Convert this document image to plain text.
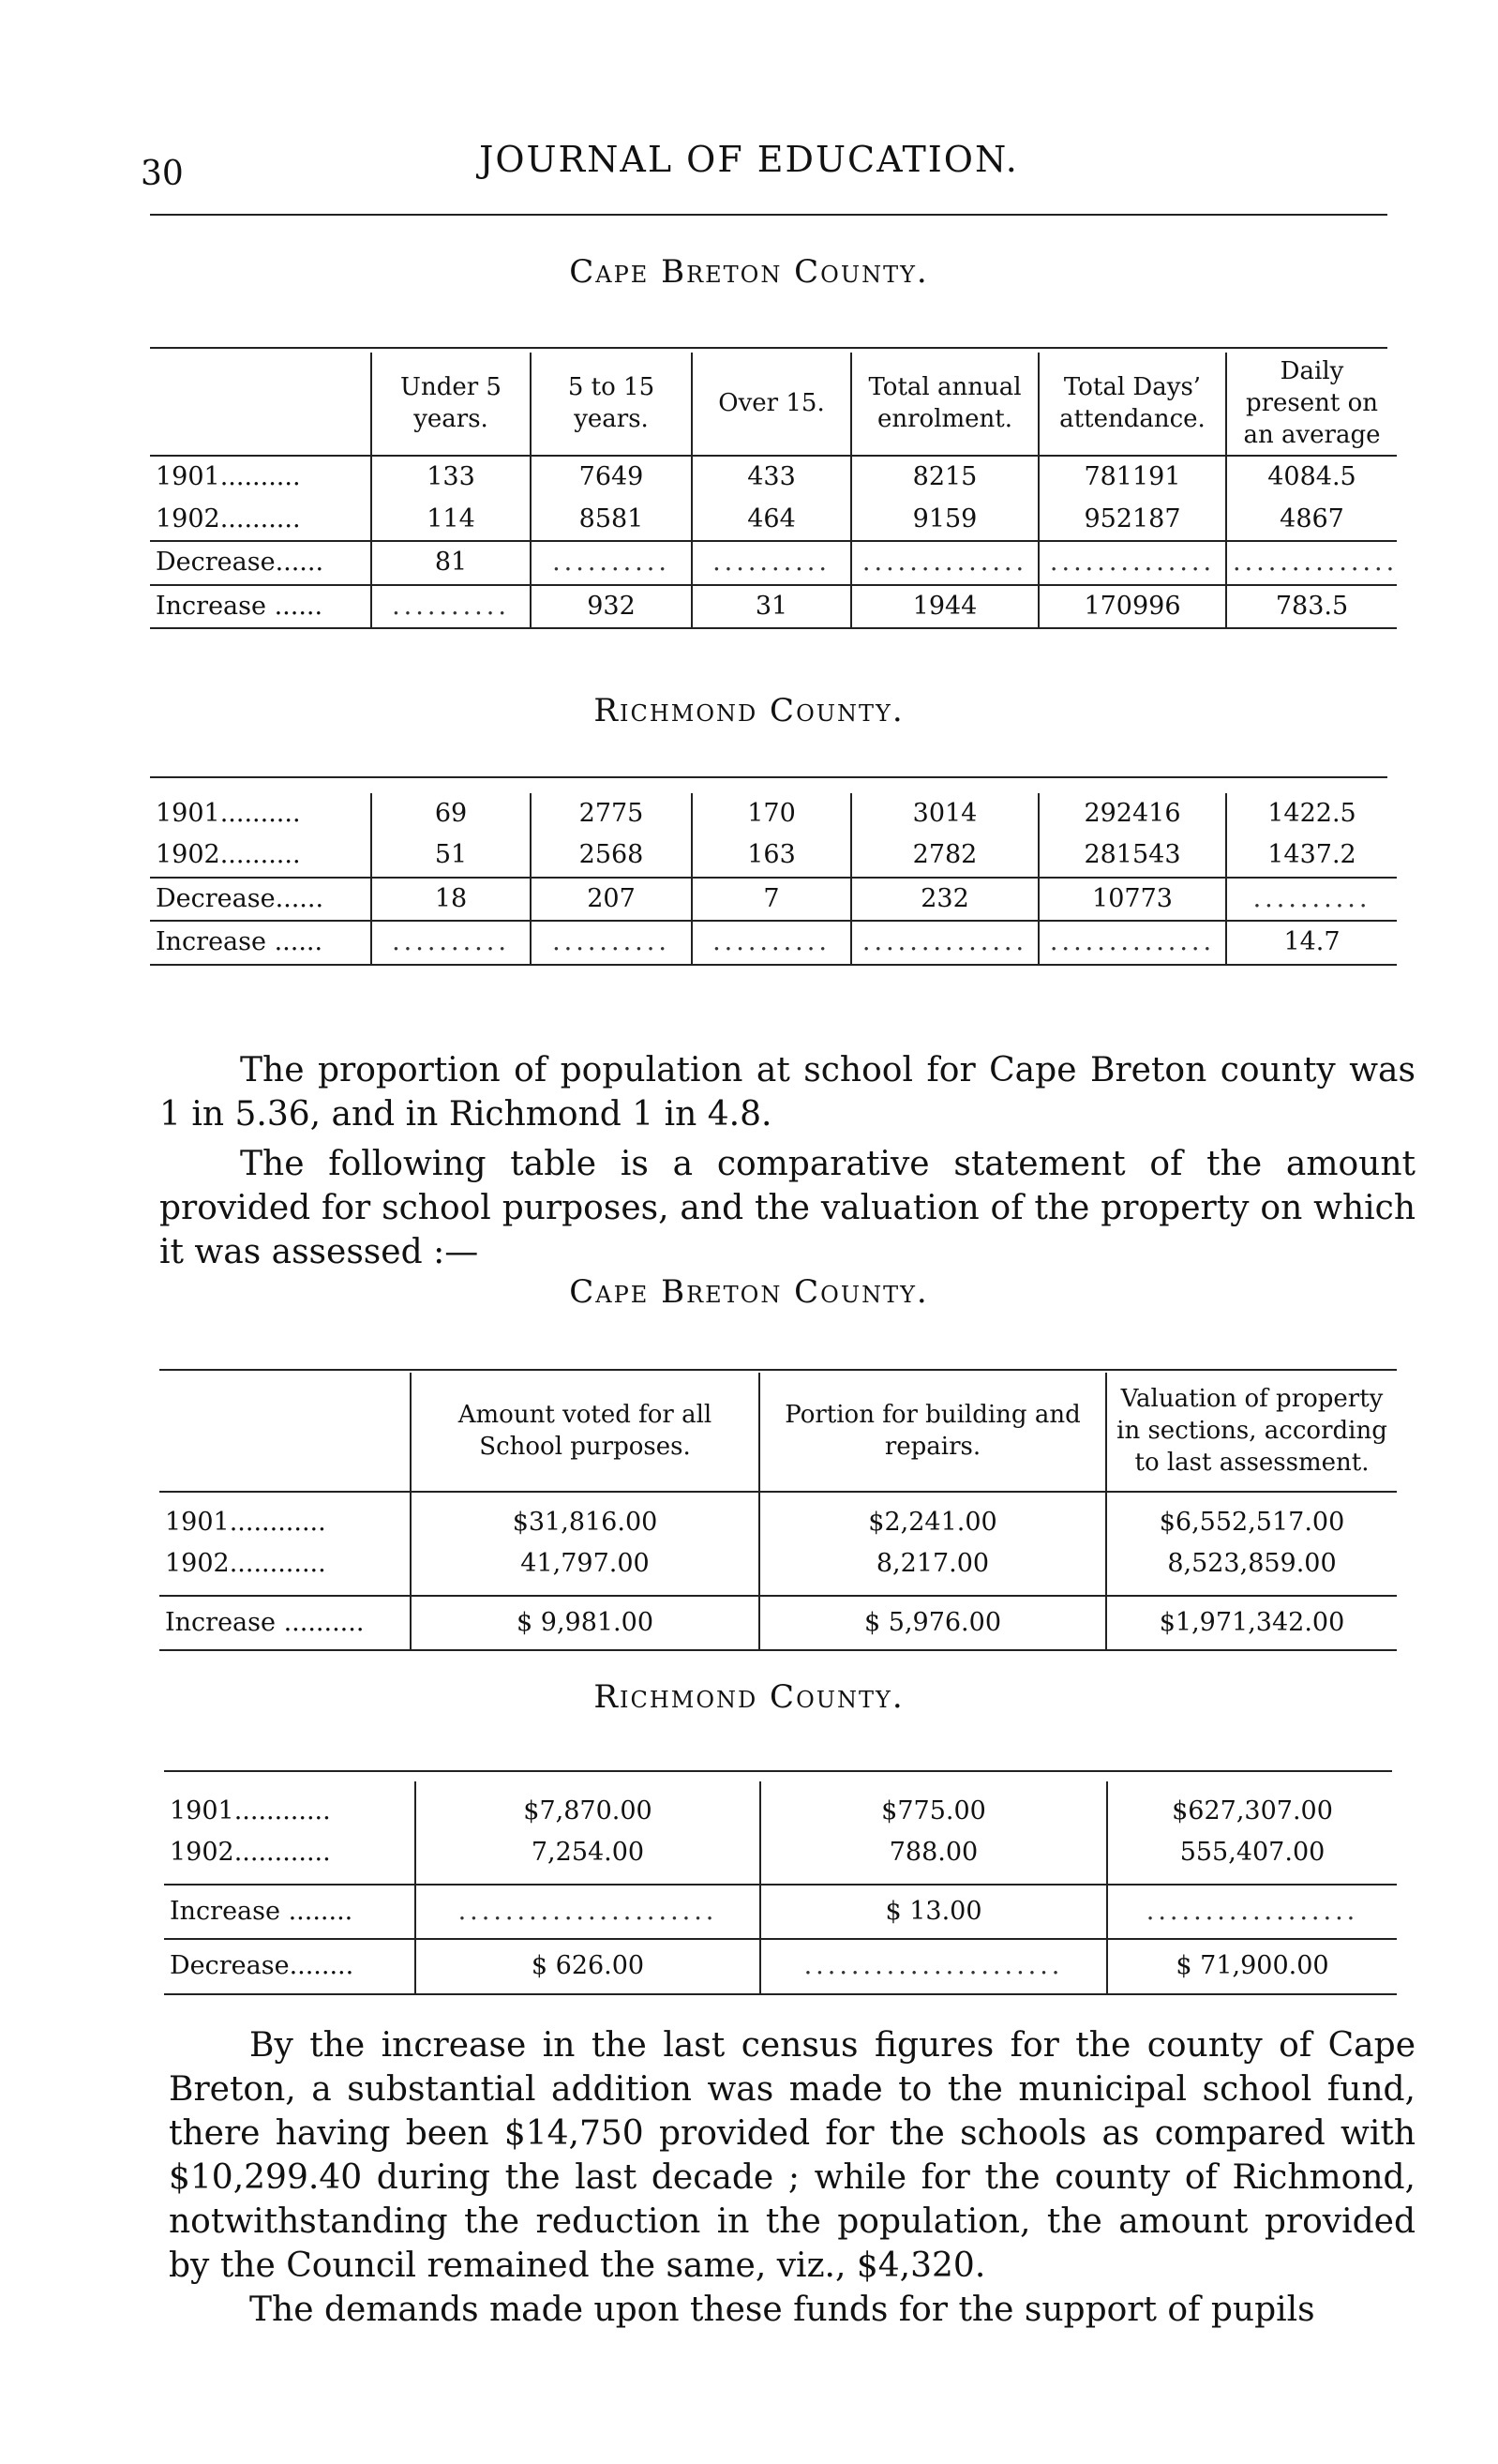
30	JOURNAL OF EDUCATION.
Cape Breton County.
	Under 5 years.	5 to 15 years.	Over 15.	Total annual enrolment.	Total Days’ attendance.	Daily present on an average
1901..........	133	7649	433	8215	781191	4084.5
1902..........	114	8581	464	9159	952187	4867
Decrease......	81	..........	..........	..............	..............	..............
Increase ......	..........	932	31	1944	170996	783.5
Richmond County.
1901..........	69	2775	170	3014	292416	1422.5
1902..........	51	2568	163	2782	281543	1437.2
Decrease......	18	207	7	232	10773	..........
Increase ......	..........	..........	..........	..............	..............	14.7
The proportion of population at school for Cape Breton county was 1 in 5.36, and in Richmond 1 in 4.8.
The following table is a comparative statement of the amount provided for school purposes, and the valuation of the property on which it was assessed :—
Cape Breton County.
	Amount voted for all School purposes.	Portion for building and repairs.	Valuation of property in sections, according to last assessment.
1901............	$31,816.00	$2,241.00	$6,552,517.00
1902............	41,797.00	8,217.00	8,523,859.00
Increase ..........	$ 9,981.00	$ 5,976.00	$1,971,342.00
Richmond County.
1901............	$7,870.00	$775.00	$627,307.00
1902............	7,254.00	788.00	555,407.00
Increase ........	......................	$ 13.00	..................
Decrease........	$ 626.00	......................	$ 71,900.00
By the increase in the last census figures for the county of Cape Breton, a substantial addition was made to the municipal school fund, there having been $14,750 provided for the schools as compared with $10,299.40 during the last decade ; while for the county of Richmond, notwithstanding the reduction in the population, the amount provided by the Council remained the same, viz., $4,320.
The demands made upon these funds for the support of pupils
